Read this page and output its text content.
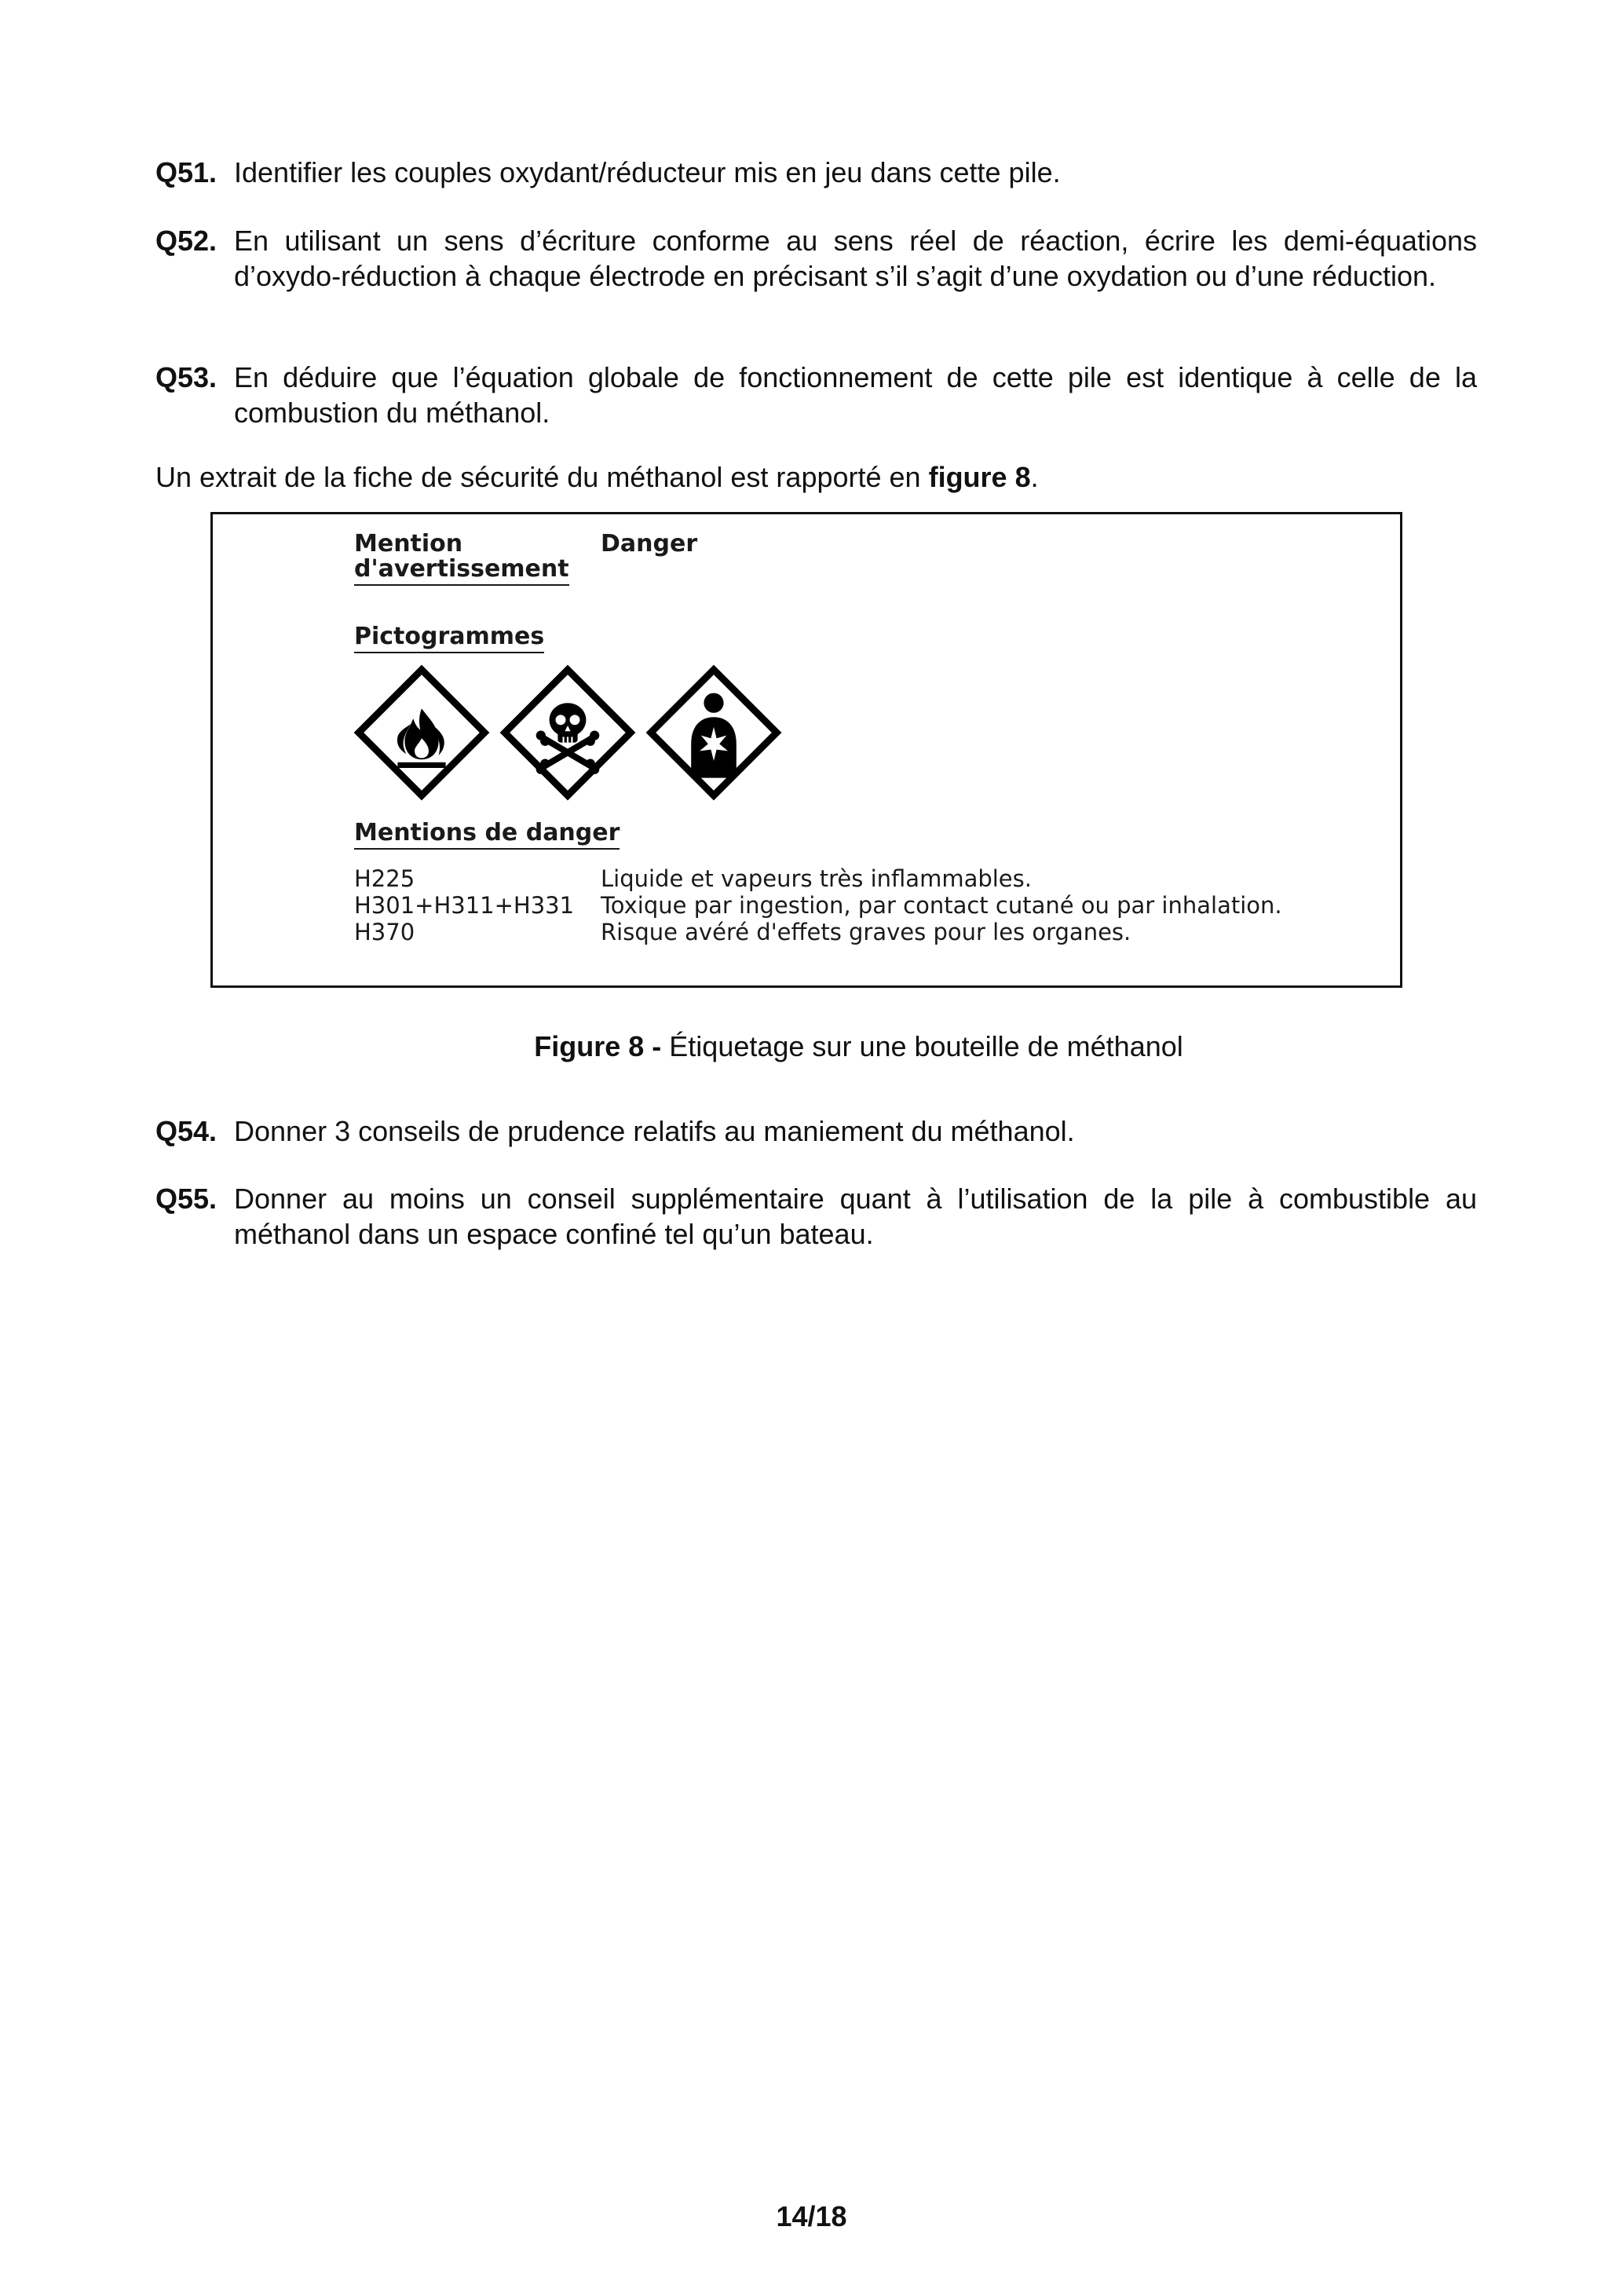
Q51. Identifier les couples oxydant/réducteur mis en jeu dans cette pile.
Q52. En utilisant un sens d’écriture conforme au sens réel de réaction, écrire les demi-équations d’oxydo-réduction à chaque électrode en précisant s’il s’agit d’une oxydation ou d’une réduction.
Q53. En déduire que l’équation globale de fonctionnement de cette pile est identique à celle de la combustion du méthanol.
Un extrait de la fiche de sécurité du méthanol est rapporté en figure 8.
Mention
d'avertissement
Danger
Pictogrammes
Mentions de danger
H225	Liquide et vapeurs très inflammables.
H301+H311+H331 Toxique par ingestion, par contact cutané ou par inhalation.
H370	Risque avéré d'effets graves pour les organes.
Figure 8 - Étiquetage sur une bouteille de méthanol
Q54. Donner 3 conseils de prudence relatifs au maniement du méthanol.
Q55. Donner au moins un conseil supplémentaire quant à l’utilisation de la pile à combustible au méthanol dans un espace confiné tel qu’un bateau.
14/18
